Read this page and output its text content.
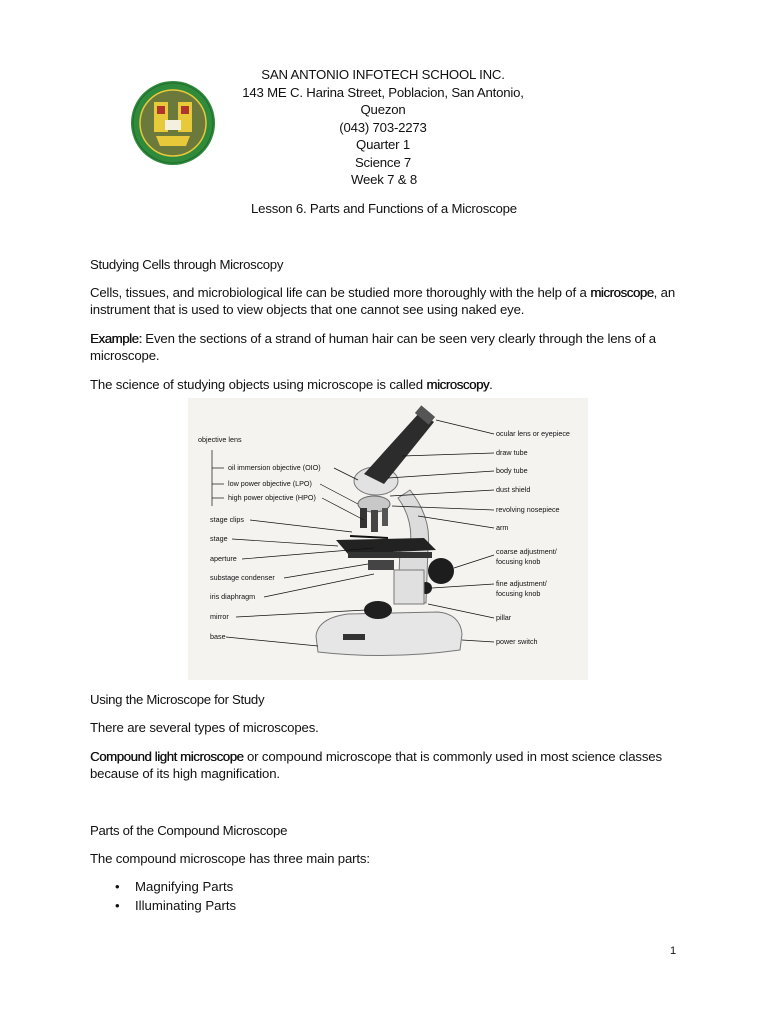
SAN ANTONIO INFOTECH SCHOOL INC.
143 ME C. Harina Street, Poblacion, San Antonio, Quezon
(043) 703-2273
Quarter 1
Science 7
Week 7 & 8
Lesson 6. Parts and Functions of a Microscope
Studying Cells through Microscopy
Cells, tissues, and microbiological life can be studied more thoroughly with the help of a microscope, an instrument that is used to view objects that one cannot see using naked eye.
Example: Even the sections of a strand of human hair can be seen very clearly through the lens of a microscope.
The science of studying objects using microscope is called microscopy.
objective lens
oil immersion objective (OIO)
low power objective (LPO)
high power objective (HPO)
stage clips
stage
aperture
substage condenser
iris diaphragm
mirror
base
ocular lens or eyepiece
draw tube
body tube
dust shield
revolving nosepiece
arm
coarse adjustment/
focusing knob
fine adjustment/
focusing knob
pillar
power switch
Using the Microscope for Study
There are several types of microscopes.
Compound light microscope or compound microscope that is commonly used in most science classes because of its high magnification.
Parts of the Compound Microscope
The compound microscope has three main parts:
• Magnifying Parts
• Illuminating Parts
1
